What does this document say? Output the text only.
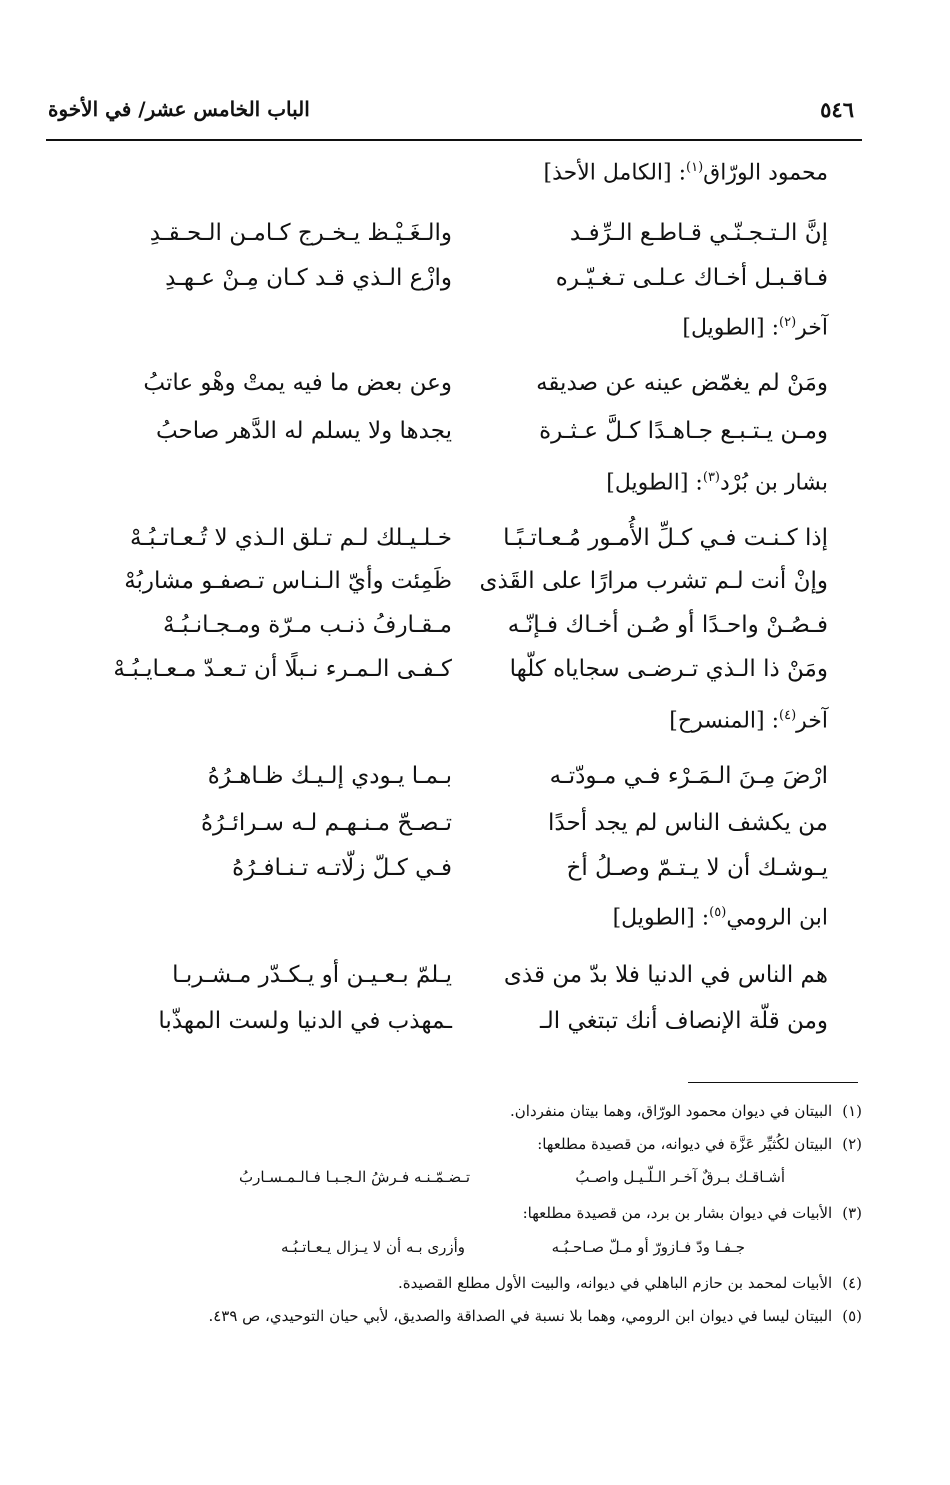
٥٤٦
الباب الخامس عشر/ في الأخوة
محمود الورّاق$^{(١)}$: [الكامل الأحذ]
إنَّ الـتـجـنّـي قـاطـع الـرِّفـد
والـغَـيْـظ يـخـرج كـامـن الـحـقـدِ
فـاقـبـل أخـاك عـلـى تـغـيّـره
وازْع الـذي قـد كـان مِـنْ عـهـدِ
آخر$^{(٢)}$: [الطويل]
ومَنْ لم يغمّض عينه عن صديقه
وعن بعض ما فيه يمتْ وهْو عاتبُ
ومـن يـتـبـع جـاهـدًا كـلَّ عـثـرة
يجدها ولا يسلم له الدَّهر صاحبُ
بشار بن بُرْد$^{(٣)}$: [الطويل]
إذا كـنـت فـي كـلِّ الأُمـور مُـعـاتـبًـا
خـلـيـلك لـم تـلق الـذي لا تُـعـاتـبُـهْ
وإنْ أنت لـم تشرب مرارًا على القَذى
ظَمِئت وأيّ الـنـاس تـصفـو مشاربُهْ
فـصُـنْ واحـدًا أو صُـن أخـاك فـإنّـه
مـقـارفُ ذنـب مـرّة ومـجـانـبُـهْ
ومَنْ ذا الـذي تـرضـى سجاياه كلّها
كـفـى الـمـرء نـبلًا أن تـعـدّ مـعـايـبُـهْ
آخر$^{(٤)}$: [المنسرح]
ارْضَ مِـنَ الـمَـرْء فـي مـودّتـه
بـمـا يـودي إلـيـك ظـاهـرُهُ
من يكشف الناس لم يجد أحدًا
تـصـحّ مـنـهـم لـه سـرائـرُهُ
يـوشـك أن لا يـتـمّ وصـلُ أخ
فـي كـلّ زلّاتـه تـنـافـرُهُ
ابن الرومي$^{(٥)}$: [الطويل]
هم الناس في الدنيا فلا بدّ من قذى
يـلمّ بـعـيـن أو يـكـدّر مـشـربـا
ومن قلّة الإنصاف أنك تبتغي الـ
ـمهذب في الدنيا ولست المهذّبا
(١)البيتان في ديوان محمود الورّاق، وهما بيتان منفردان.
(٢)البيتان لكُثيِّر عَزَّة في ديوانه، من قصيدة مطلعها:
أشـاقـك بـرقٌ آخـر الـلّـيـل واصـبُ
تـضـمّـنـه فـرشُ الـجـبـا فـالـمـسـاربُ
(٣)الأبيات في ديوان بشار بن برد، من قصيدة مطلعها:
جـفـا ودّ فـازورّ أو مـلّ صـاحـبُـه
وأزرى بـه أن لا يـزال يـعـاتـبُـه
(٤)الأبيات لمحمد بن حازم الباهلي في ديوانه، والبيت الأول مطلع القصيدة.
(٥)البيتان ليسا في ديوان ابن الرومي، وهما بلا نسبة في الصداقة والصديق، لأبي حيان التوحيدي، ص ٤٣٩.
